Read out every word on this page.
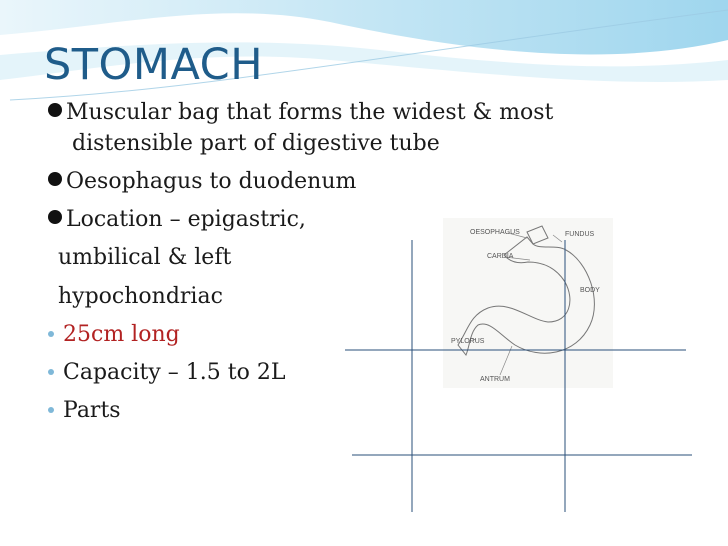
STOMACH
Muscular bag that forms the widest & most
distensible part of digestive tube
Oesophagus to duodenum
Location – epigastric,
umbilical & left
hypochondriac
25cm long
Capacity – 1.5 to 2L
Parts
OESOPHAGUS	FUNDUS
CARDIA
BODY
PYLORUS
ANTRUM
